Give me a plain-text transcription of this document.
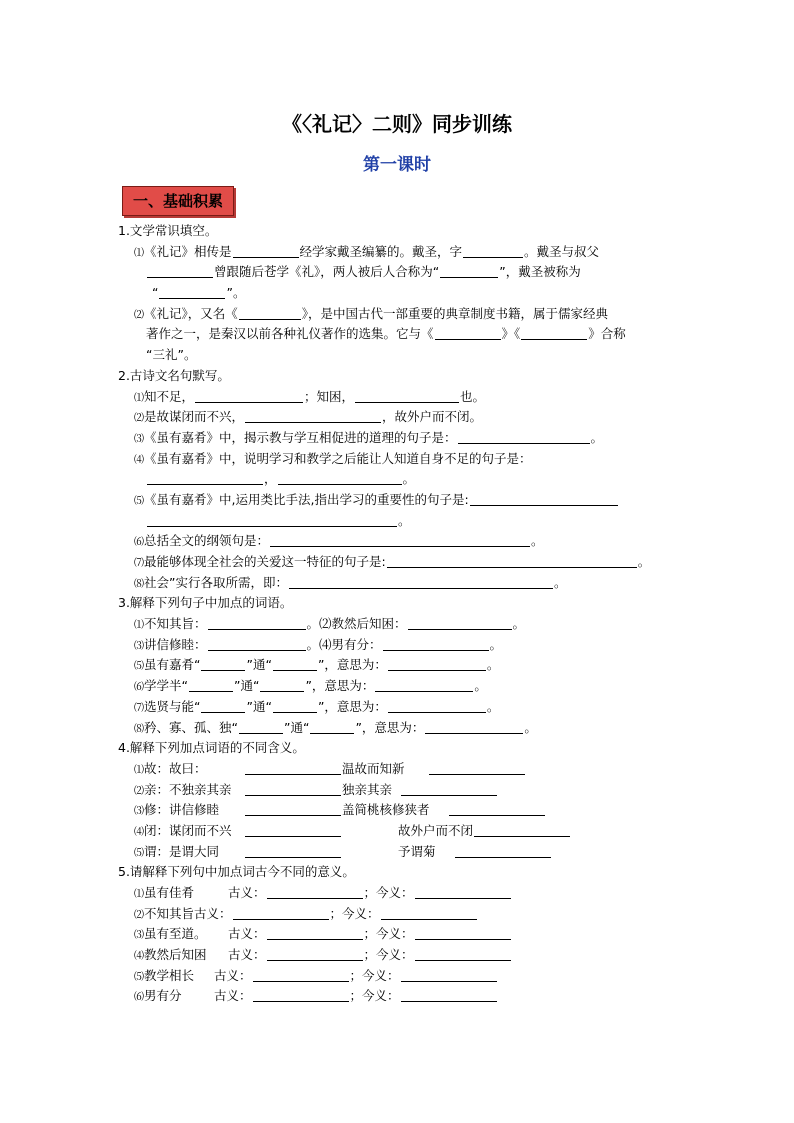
《〈礼记〉二则》同步训练
第一课时
一、基础积累
1.文学常识填空。
⑴《礼记》相传是	经学家戴圣编纂的。戴圣，字	。戴圣与叔父
曾跟随后苍学《礼》，两人被后人合称为“	”，戴圣被称为
“	”。
⑵《礼记》，又名《	》，是中国古代一部重要的典章制度书籍，属于儒家经典
著作之一，是秦汉以前各种礼仪著作的选集。它与《	》《	》合称
“三礼”。
2.古诗文名句默写。
⑴知不足，	；知困，	也。
⑵是故谋闭而不兴，	，故外户而不闭。
⑶《虽有嘉肴》中，揭示教与学互相促进的道理的句子是：	。
⑷《虽有嘉肴》中，说明学习和教学之后能让人知道自身不足的句子是：
，	。
⑸《虽有嘉肴》中,运用类比手法,指出学习的重要性的句子是:
。
⑹总括全文的纲领句是：	。
⑺最能够体现全社会的关爱这一特征的句子是:	。
⑻社会”实行各取所需，即：	。
3.解释下列句子中加点的词语。
⑴不知其旨：	。⑵教然后知困：	。
⑶讲信修睦：	。⑷男有分：	。
⑸虽有嘉肴“	”通“	”，意思为：	。
⑹学学半“	”通“	”，意思为：	。
⑺选贤与能“	”通“	”，意思为：	。
⑻矜、寡、孤、独“	”通“	”，意思为：	。
4.解释下列加点词语的不同含义。
⑴故：故曰：	温故而知新
⑵亲：不独亲其亲	独亲其亲
⑶修：讲信修睦	盖简桃核修狭者
⑷闭：谋闭而不兴	故外户而不闭
⑸谓：是谓大同	予谓菊
5.请解释下列句中加点词古今不同的意义。
⑴虽有佳肴	古义：	；今义：
⑵不知其旨古义：	；今义：
⑶虽有至道。 古义：	；今义：
⑷教然后知困 古义：	；今义：
⑸教学相长 古义：	；今义：
⑹男有分	古义：	；今义：
